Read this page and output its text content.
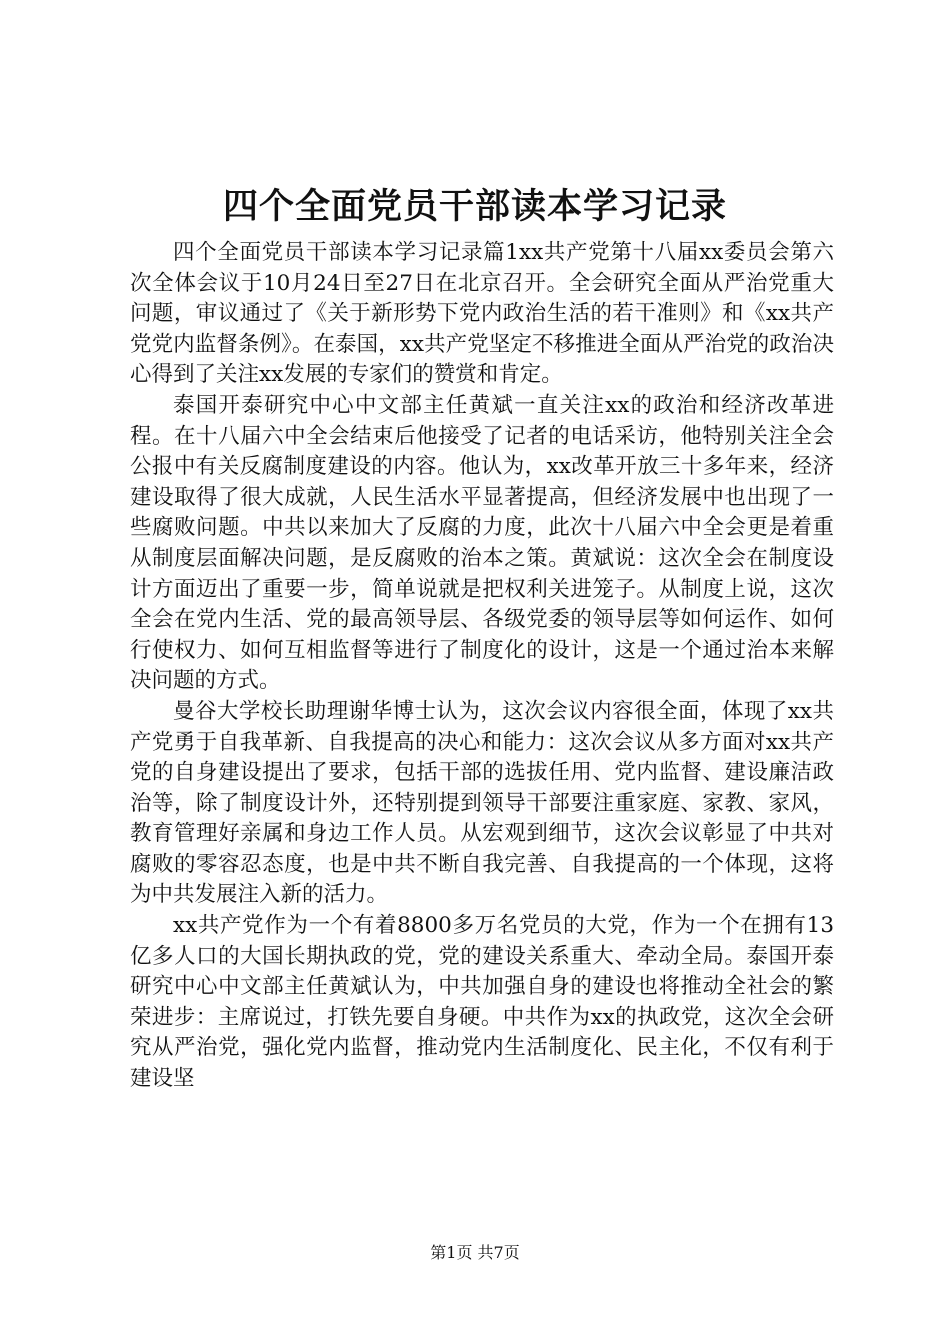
四个全面党员干部读本学习记录

四个全面党员干部读本学习记录篇1xx共产党第十八届xx委员会第六次全体会议于10月24日至27日在北京召开。全会研究全面从严治党重大问题，审议通过了《关于新形势下党内政治生活的若干准则》和《xx共产党党内监督条例》。在泰国，xx共产党坚定不移推进全面从严治党的政治决心得到了关注xx发展的专家们的赞赏和肯定。

泰国开泰研究中心中文部主任黄斌一直关注xx的政治和经济改革进程。在十八届六中全会结束后他接受了记者的电话采访，他特别关注全会公报中有关反腐制度建设的内容。他认为，xx改革开放三十多年来，经济建设取得了很大成就，人民生活水平显著提高，但经济发展中也出现了一些腐败问题。中共以来加大了反腐的力度，此次十八届六中全会更是着重从制度层面解决问题，是反腐败的治本之策。黄斌说：这次全会在制度设计方面迈出了重要一步，简单说就是把权利关进笼子。从制度上说，这次全会在党内生活、党的最高领导层、各级党委的领导层等如何运作、如何行使权力、如何互相监督等进行了制度化的设计，这是一个通过治本来解决问题的方式。

曼谷大学校长助理谢华博士认为，这次会议内容很全面，体现了xx共产党勇于自我革新、自我提高的决心和能力：这次会议从多方面对xx共产党的自身建设提出了要求，包括干部的选拔任用、党内监督、建设廉洁政治等，除了制度设计外，还特别提到领导干部要注重家庭、家教、家风，教育管理好亲属和身边工作人员。从宏观到细节，这次会议彰显了中共对腐败的零容忍态度，也是中共不断自我完善、自我提高的一个体现，这将为中共发展注入新的活力。

xx共产党作为一个有着8800多万名党员的大党，作为一个在拥有13亿多人口的大国长期执政的党，党的建设关系重大、牵动全局。泰国开泰研究中心中文部主任黄斌认为，中共加强自身的建设也将推动全社会的繁荣进步：主席说过，打铁先要自身硬。中共作为xx的执政党，这次全会研究从严治党，强化党内监督，推动党内生活制度化、民主化，不仅有利于建设坚

第1页 共7页
